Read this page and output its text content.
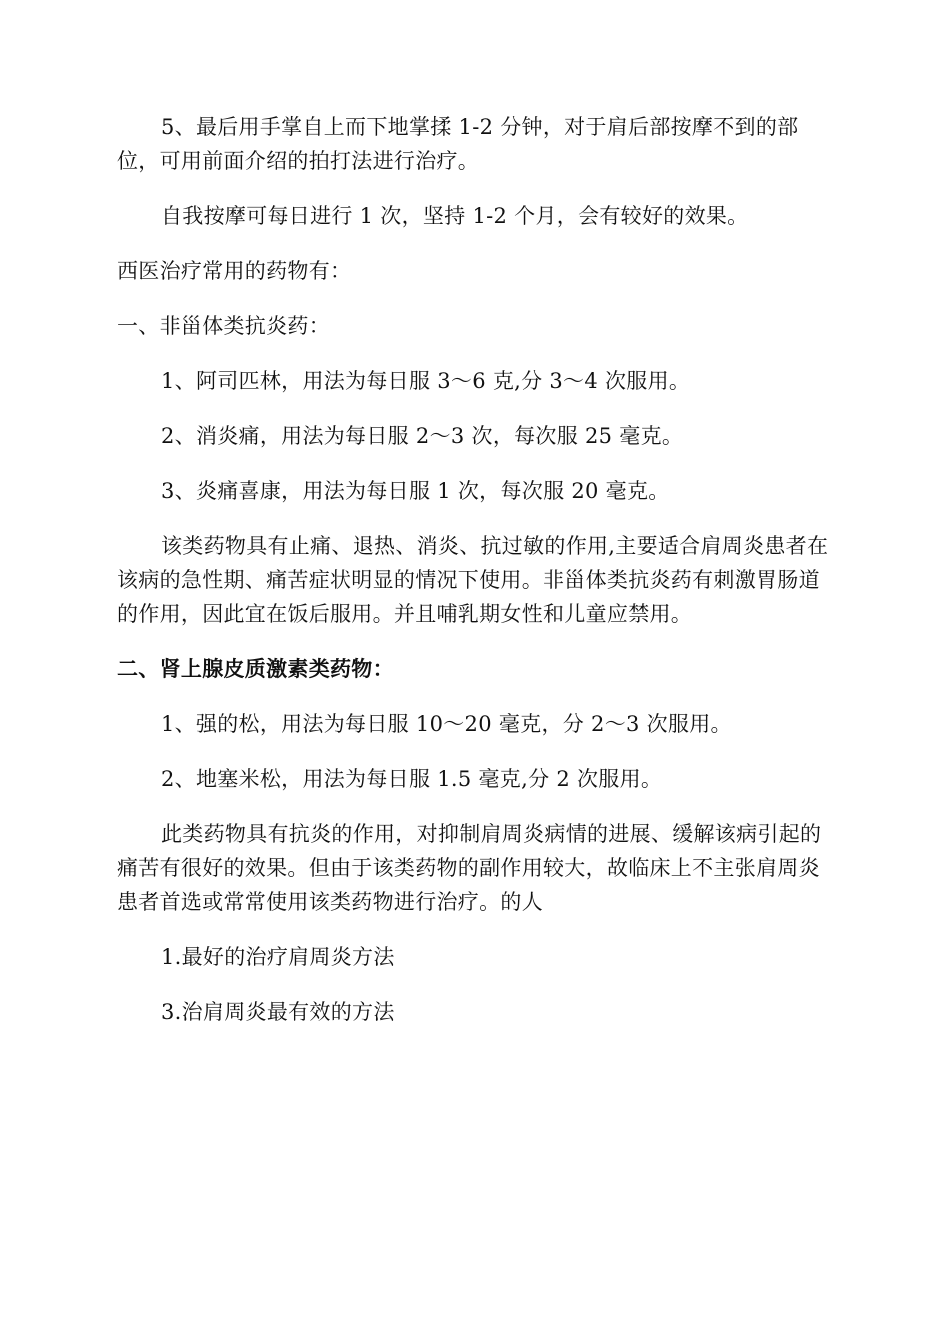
5、最后用手掌自上而下地掌揉 1-2 分钟，对于肩后部按摩不到的部位，可用前面介绍的拍打法进行治疗。

自我按摩可每日进行 1 次，坚持 1-2 个月，会有较好的效果。

西医治疗常用的药物有：

一、非甾体类抗炎药：

1、阿司匹林，用法为每日服 3～6 克,分 3～4 次服用。

2、消炎痛，用法为每日服 2～3 次，每次服 25 毫克。

3、炎痛喜康，用法为每日服 1 次，每次服 20 毫克。

该类药物具有止痛、退热、消炎、抗过敏的作用,主要适合肩周炎患者在该病的急性期、痛苦症状明显的情况下使用。非甾体类抗炎药有刺激胃肠道的作用，因此宜在饭后服用。并且哺乳期女性和儿童应禁用。

二、肾上腺皮质激素类药物：

1、强的松，用法为每日服 10～20 毫克，分 2～3 次服用。

2、地塞米松，用法为每日服 1.5 毫克,分 2 次服用。

此类药物具有抗炎的作用，对抑制肩周炎病情的进展、缓解该病引起的痛苦有很好的效果。但由于该类药物的副作用较大，故临床上不主张肩周炎患者首选或常常使用该类药物进行治疗。的人

1.最好的治疗肩周炎方法

3.治肩周炎最有效的方法
